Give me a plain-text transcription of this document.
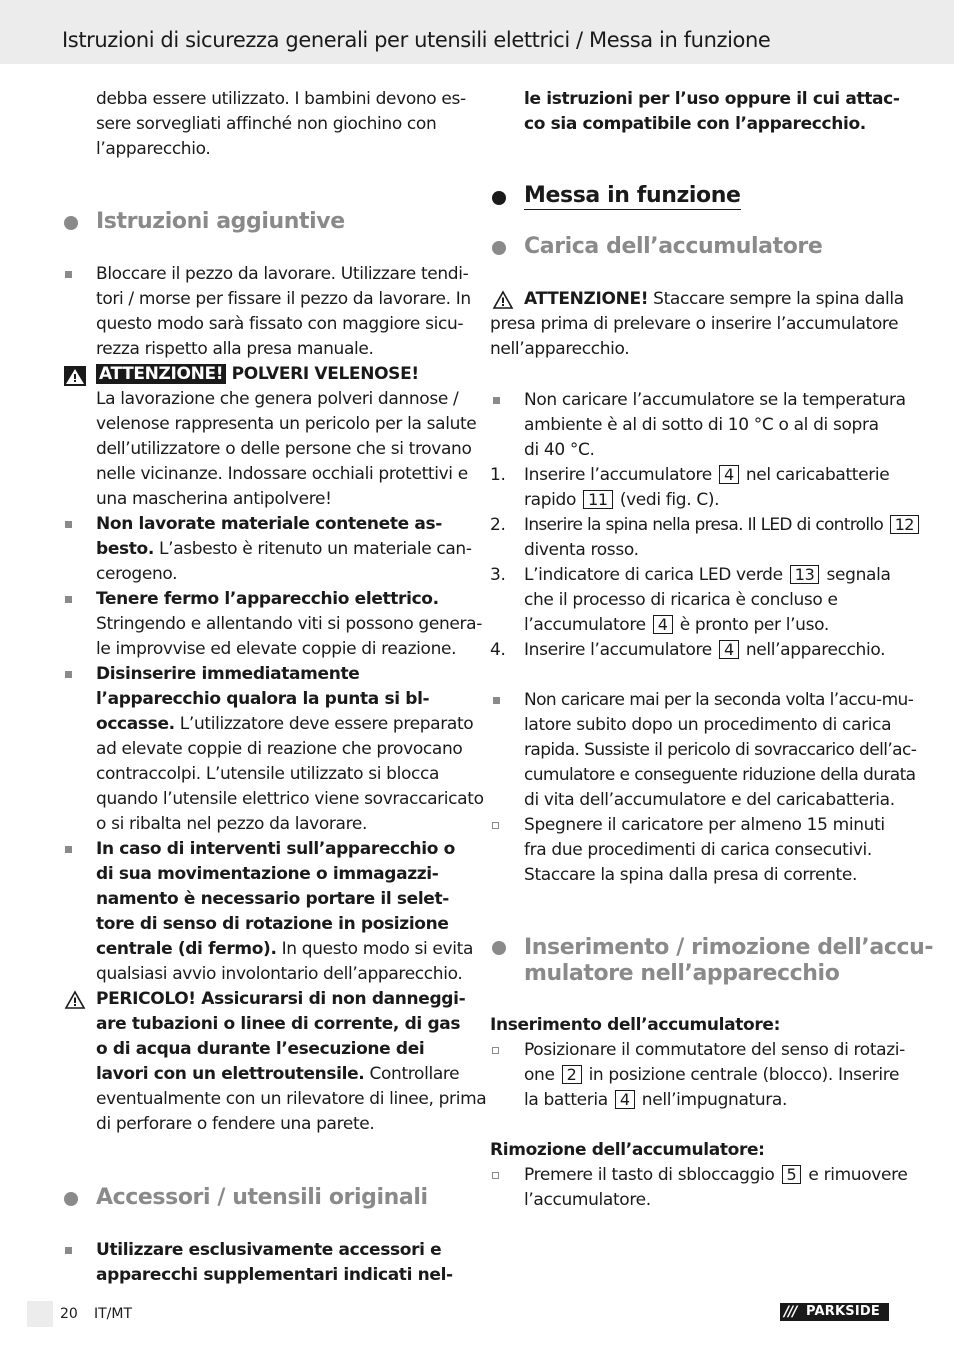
Istruzioni di sicurezza generali per utensili elettrici / Messa in funzione
debba essere utilizzato. I bambini devono es-
sere sorvegliati affinché non giochino con
l’apparecchio.
Istruzioni aggiuntive
Bloccare il pezzo da lavorare. Utilizzare tendi-
tori / morse per fissare il pezzo da lavorare. In
questo modo sarà fissato con maggiore sicu-
rezza rispetto alla presa manuale.
ATTENZIONE! POLVERI VELENOSE!
La lavorazione che genera polveri dannose /
velenose rappresenta un pericolo per la salute
dell’utilizzatore o delle persone che si trovano
nelle vicinanze. Indossare occhiali protettivi e
una mascherina antipolvere!
Non lavorate materiale contenete as-
besto. L’asbesto è ritenuto un materiale can-
cerogeno.
Tenere fermo l’apparecchio elettrico.
Stringendo e allentando viti si possono genera-
le improvvise ed elevate coppie di reazione.
Disinserire immediatamente
l’apparecchio qualora la punta si bl-
occasse. L’utilizzatore deve essere preparato
ad elevate coppie di reazione che provocano
contraccolpi. L’utensile utilizzato si blocca
quando l’utensile elettrico viene sovraccaricato
o si ribalta nel pezzo da lavorare.
In caso di interventi sull’apparecchio o
di sua movimentazione o immagazzi-
namento è necessario portare il selet-
tore di senso di rotazione in posizione
centrale (di fermo). In questo modo si evita
qualsiasi avvio involontario dell’apparecchio.
PERICOLO! Assicurarsi di non danneggi-
are tubazioni o linee di corrente, di gas
o di acqua durante l’esecuzione dei
lavori con un elettroutensile. Controllare
eventualmente con un rilevatore di linee, prima
di perforare o fendere una parete.
Accessori / utensili originali
Utilizzare esclusivamente accessori e
apparecchi supplementari indicati nel-
le istruzioni per l’uso oppure il cui attac-
co sia compatibile con l’apparecchio.
Messa in funzione
Carica dell’accumulatore
ATTENZIONE! Staccare sempre la spina dalla
presa prima di prelevare o inserire l’accumulatore
nell’apparecchio.
Non caricare l’accumulatore se la temperatura
ambiente è al di sotto di 10 °C o al di sopra
di 40 °C.
1. Inserire l’accumulatore 4 nel caricabatterie
rapido 11 (vedi fig. C).
2. Inserire la spina nella presa. Il LED di controllo 12
diventa rosso.
3. L’indicatore di carica LED verde 13 segnala
che il processo di ricarica è concluso e
l’accumulatore 4 è pronto per l’uso.
4. Inserire l’accumulatore 4 nell’apparecchio.
Non caricare mai per la seconda volta l’accu-mu-
latore subito dopo un procedimento di carica
rapida. Sussiste il pericolo di sovraccarico dell’ac-
cumulatore e conseguente riduzione della durata
di vita dell’accumulatore e del caricabatteria.
Spegnere il caricatore per almeno 15 minuti
fra due procedimenti di carica consecutivi.
Staccare la spina dalla presa di corrente.
Inserimento / rimozione dell’accu-
mulatore nell’apparecchio
Inserimento dell’accumulatore:
Posizionare il commutatore del senso di rotazi-
one 2 in posizione centrale (blocco). Inserire
la batteria 4 nell’impugnatura.
Rimozione dell’accumulatore:
Premere il tasto di sbloccaggio 5 e rimuovere
l’accumulatore.
20 IT/MT	/// PARKSIDE
